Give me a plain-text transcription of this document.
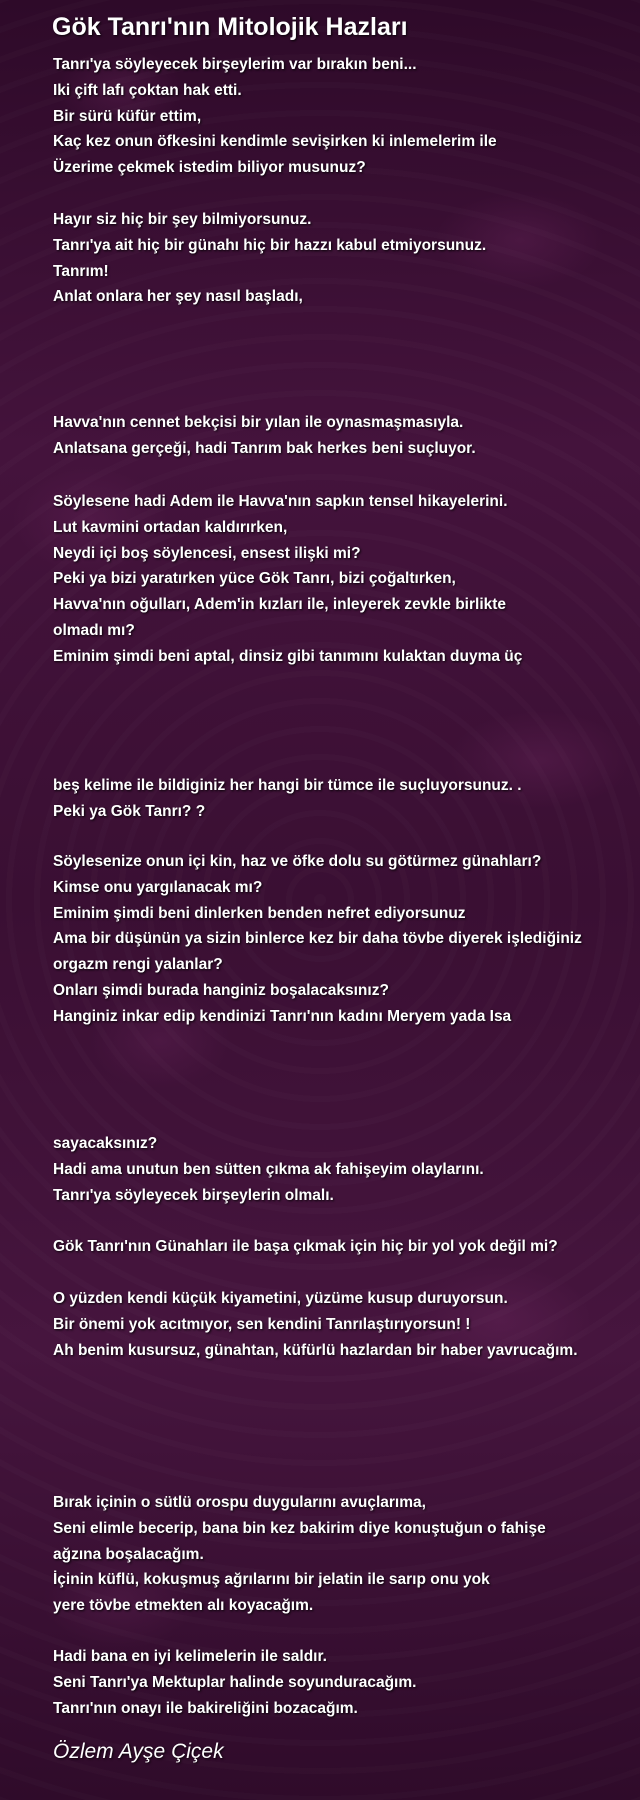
Gök Tanrı'nın Mitolojik Hazları
Tanrı'ya söyleyecek birşeylerim var bırakın beni...
Iki çift lafı çoktan hak etti.
Bir sürü küfür ettim,
Kaç kez onun öfkesini kendimle sevişirken ki inlemelerim ile
Üzerime çekmek istedim biliyor musunuz?
Hayır siz hiç bir şey bilmiyorsunuz.
Tanrı'ya ait hiç bir günahı hiç bir hazzı kabul etmiyorsunuz.
Tanrım!
Anlat onlara her şey nasıl başladı,
Havva'nın cennet bekçisi bir yılan ile oynasmaşmasıyla.
Anlatsana gerçeği, hadi Tanrım bak herkes beni suçluyor.
Söylesene hadi Adem ile Havva'nın sapkın tensel hikayelerini.
Lut kavmini ortadan kaldırırken,
Neydi içi boş söylencesi, ensest ilişki mi?
Peki ya bizi yaratırken yüce Gök Tanrı, bizi çoğaltırken,
Havva'nın oğulları, Adem'in kızları ile, inleyerek zevkle birlikte
olmadı mı?
Eminim şimdi beni aptal, dinsiz gibi tanımını kulaktan duyma üç
beş kelime ile bildiginiz her hangi bir tümce ile suçluyorsunuz. .
Peki ya Gök Tanrı? ?
Söylesenize onun içi kin, haz ve öfke dolu su götürmez günahları?
Kimse onu yargılanacak mı?
Eminim şimdi beni dinlerken benden nefret ediyorsunuz
Ama bir düşünün ya sizin binlerce kez bir daha tövbe diyerek işlediğiniz
orgazm rengi yalanlar?
Onları şimdi burada hanginiz boşalacaksınız?
Hanginiz inkar edip kendinizi Tanrı'nın kadını Meryem yada Isa
sayacaksınız?
Hadi ama unutun ben sütten çıkma ak fahişeyim olaylarını.
Tanrı'ya söyleyecek birşeylerin olmalı.
Gök Tanrı'nın Günahları ile başa çıkmak için hiç bir yol yok değil mi?
O yüzden kendi küçük kiyametini, yüzüme kusup duruyorsun.
Bir önemi yok acıtmıyor, sen kendini Tanrılaştırıyorsun! !
Ah benim kusursuz, günahtan, küfürlü hazlardan bir haber yavrucağım.
Bırak içinin o sütlü orospu duygularını avuçlarıma,
Seni elimle becerip, bana bin kez bakirim diye konuştuğun o fahişe
ağzına boşalacağım.
İçinin küflü, kokuşmuş ağrılarını bir jelatin ile sarıp onu yok
yere tövbe etmekten alı koyacağım.
Hadi bana en iyi kelimelerin ile saldır.
Seni Tanrı'ya Mektuplar halinde soyunduracağım.
Tanrı'nın onayı ile bakireliğini bozacağım.
Özlem Ayşe Çiçek
